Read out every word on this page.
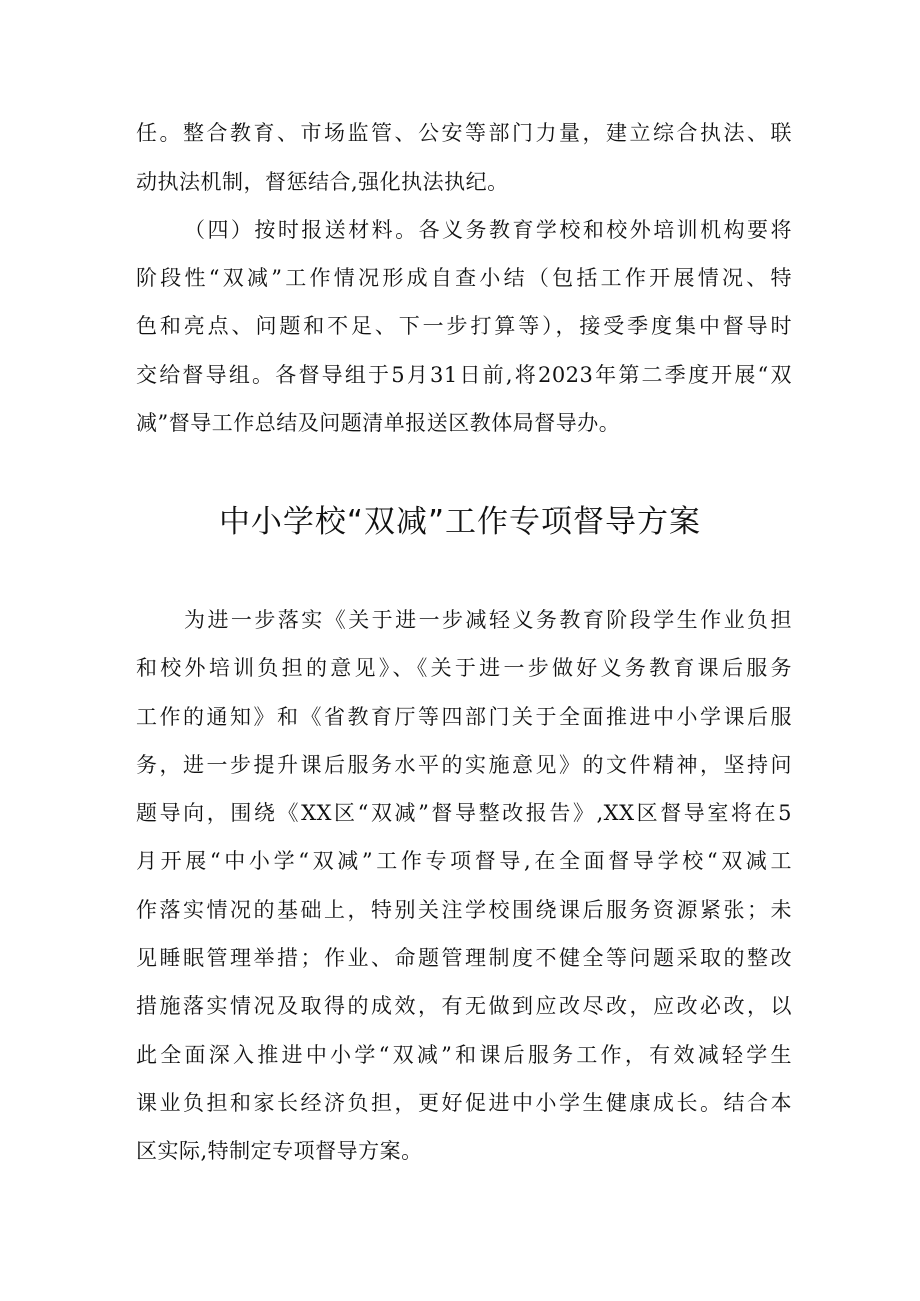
任。整合教育、市场监管、公安等部门力量，建立综合执法、联
动执法机制，督惩结合,强化执法执纪。
（四）按时报送材料。各义务教育学校和校外培训机构要将
阶段性“双减”工作情况形成自查小结（包括工作开展情况、特
色和亮点、问题和不足、下一步打算等），接受季度集中督导时
交给督导组。各督导组于5月31日前,将2023年第二季度开展“双
减”督导工作总结及问题清单报送区教体局督导办。
中小学校“双减”工作专项督导方案
为进一步落实《关于进一步减轻义务教育阶段学生作业负担
和校外培训负担的意见》、《关于进一步做好义务教育课后服务
工作的通知》和《省教育厅等四部门关于全面推进中小学课后服
务，进一步提升课后服务水平的实施意见》的文件精神，坚持问
题导向，围绕《XX区“双减”督导整改报告》,XX区督导室将在5
月开展“中小学“双减”工作专项督导,在全面督导学校“双减工
作落实情况的基础上，特别关注学校围绕课后服务资源紧张；未
见睡眠管理举措；作业、命题管理制度不健全等问题采取的整改
措施落实情况及取得的成效，有无做到应改尽改，应改必改，以
此全面深入推进中小学“双减”和课后服务工作，有效减轻学生
课业负担和家长经济负担，更好促进中小学生健康成长。结合本
区实际,特制定专项督导方案。
